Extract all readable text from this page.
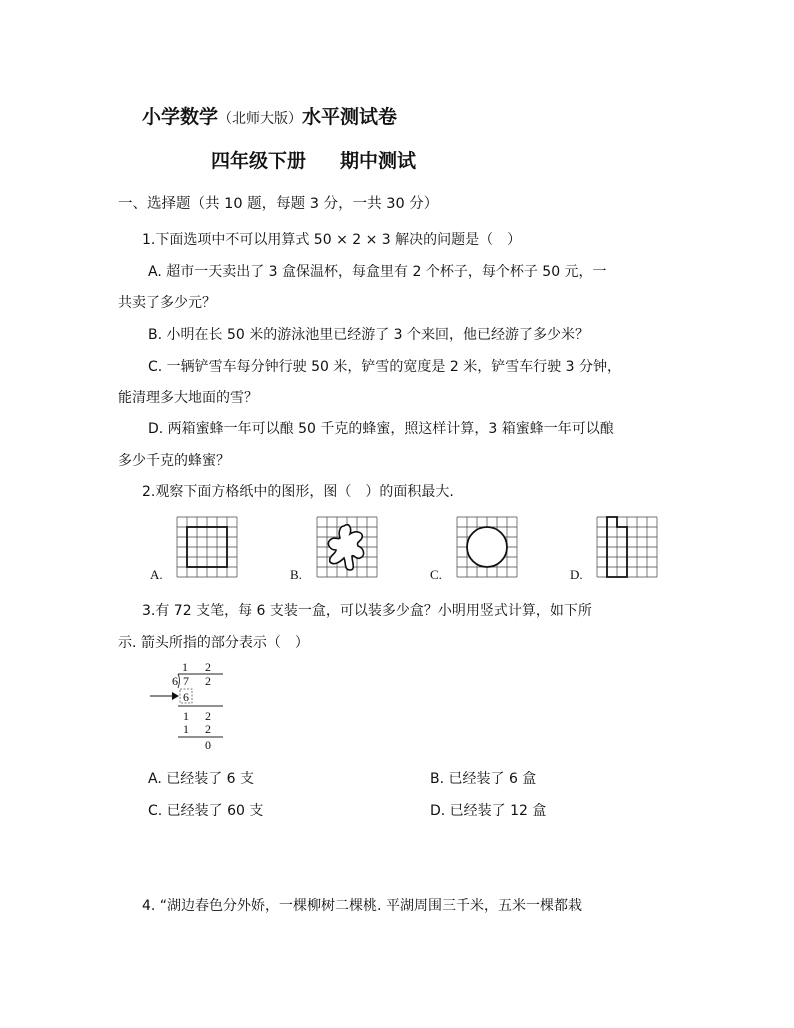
小学数学（北师大版）水平测试卷
四年级下册 期中测试
一、选择题（共 10 题，每题 3 分，一共 30 分）
1.下面选项中不可以用算式 50 × 2 × 3 解决的问题是（　）
A. 超市一天卖出了 3 盒保温杯，每盒里有 2 个杯子，每个杯子 50 元，一
共卖了多少元？
B. 小明在长 50 米的游泳池里已经游了 3 个来回，他已经游了多少米？
C. 一辆铲雪车每分钟行驶 50 米，铲雪的宽度是 2 米，铲雪车行驶 3 分钟，
能清理多大地面的雪？
D. 两箱蜜蜂一年可以酿 50 千克的蜂蜜，照这样计算，3 箱蜜蜂一年可以酿
多少千克的蜂蜜？
2.观察下面方格纸中的图形，图（　）的面积最大.
A.	B.	C.	D.
3.有 72 支笔，每 6 支装一盒，可以装多少盒？小明用竖式计算，如下所
示. 箭头所指的部分表示（　）
1 2
6 7 2
6
1 2
1 2
0
A. 已经装了 6 支	B. 已经装了 6 盒
C. 已经装了 60 支	D. 已经装了 12 盒
4. “湖边春色分外娇，一棵柳树二棵桃. 平湖周围三千米，五米一棵都栽
